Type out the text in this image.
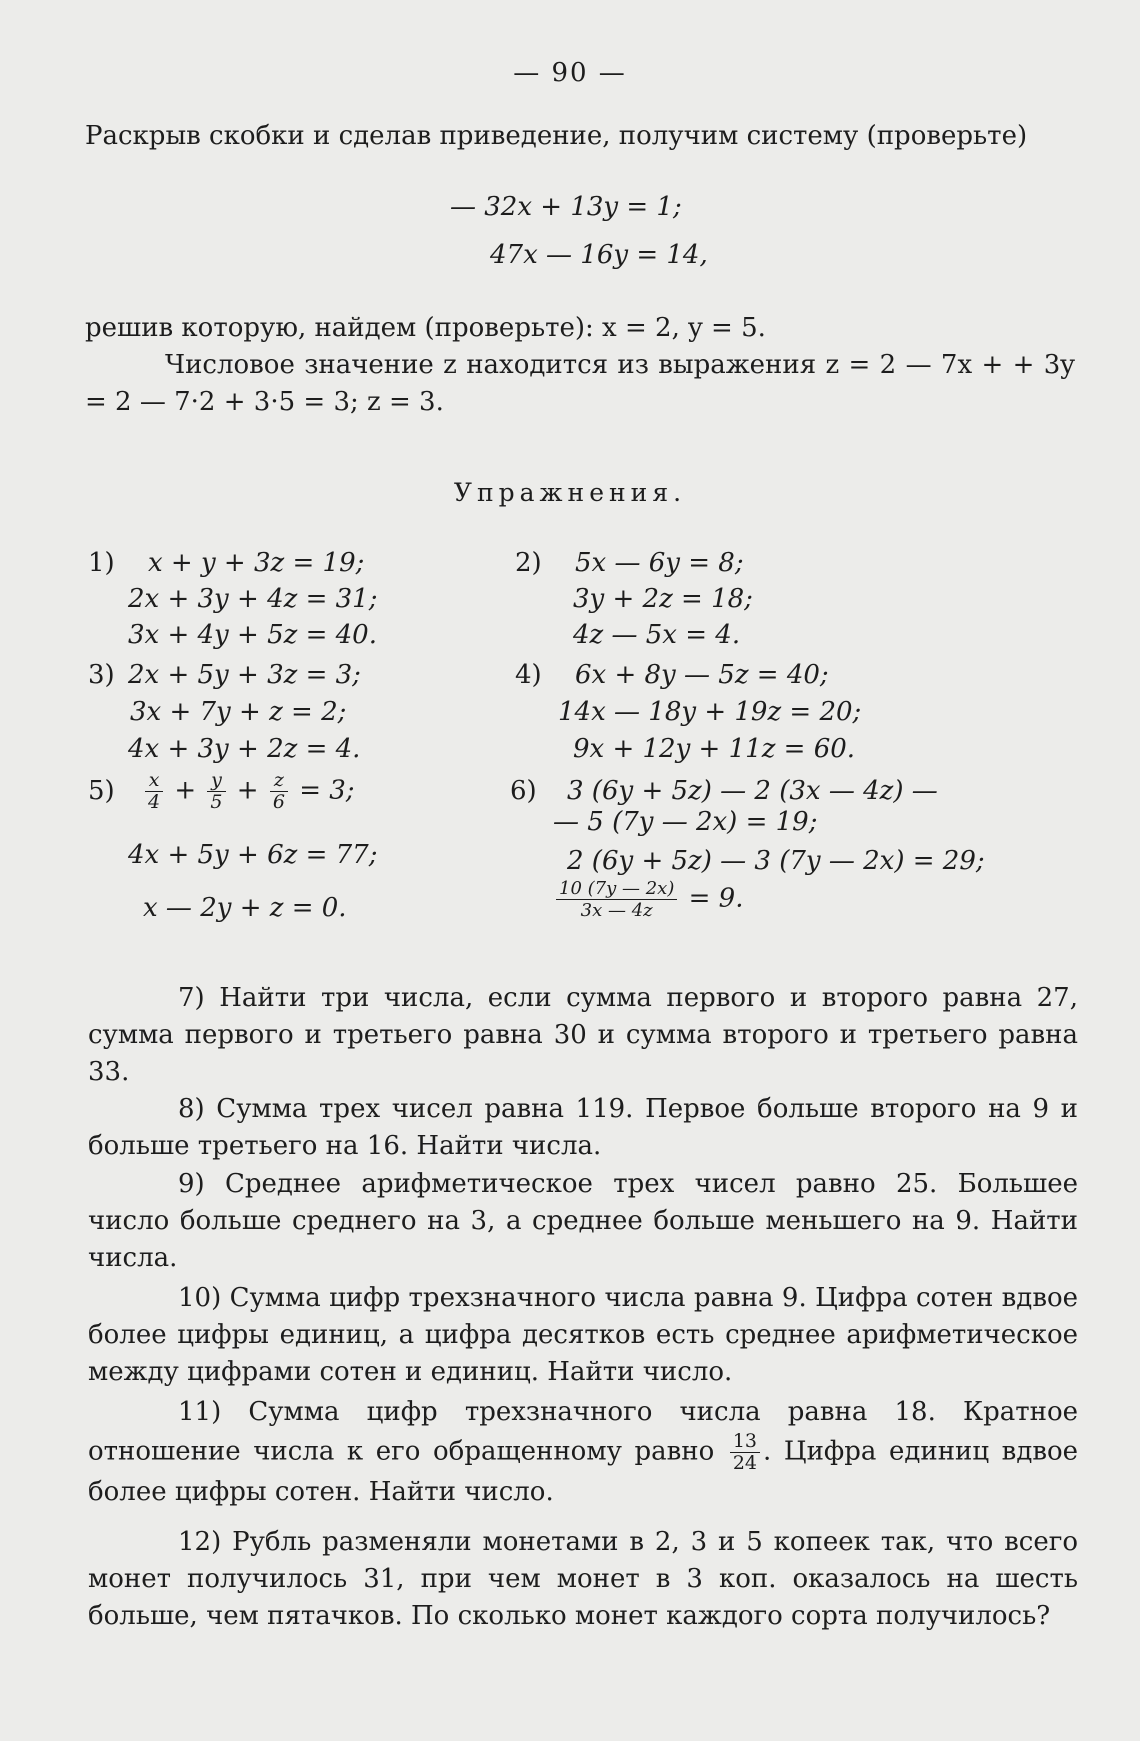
— 90 —
Раскрыв скобки и сделав приведение, получим систему (проверьте)
— 32x + 13y = 1;
47x — 16y = 14,
решив которую, найдем (проверьте): x = 2, y = 5.
Числовое значение z находится из выражения z = 2 — 7x + + 3y = 2 — 7·2 + 3·5 = 3; z = 3.
Упражнения.
1) x + y + 3z = 19;
2x + 3y + 4z = 31;
3x + 4y + 5z = 40.
2) 5x — 6y = 8;
3y + 2z = 18;
4z — 5x = 4.
3) 2x + 5y + 3z = 3;
3x + 7y + z = 2;
4x + 3y + 2z = 4.
4) 6x + 8y — 5z = 40;
14x — 18y + 19z = 20;
9x + 12y + 11z = 60.
$5) \frac{x}{4} + \frac{y}{5} + \frac{z}{6} = 3$;
4x + 5y + 6z = 77;
x — 2y + z = 0.
6) 3 (6y + 5z) — 2 (3x — 4z) —
— 5 (7y — 2x) = 19;
2 (6y + 5z) — 3 (7y — 2x) = 29;
$\frac{10 (7y — 2x)}{3x — 4z} = 9$.
7) Найти три числа, если сумма первого и второго равна 27, сумма первого и третьего равна 30 и сумма второго и третьего равна 33.
8) Сумма трех чисел равна 119. Первое больше второго на 9 и больше третьего на 16. Найти числа.
9) Среднее арифметическое трех чисел равно 25. Большее число больше среднего на 3, а среднее больше меньшего на 9. Найти числа.
10) Сумма цифр трехзначного числа равна 9. Цифра сотен вдвое более цифры единиц, а цифра десятков есть среднее арифметическое между цифрами сотен и единиц. Найти число.
11) Сумма цифр трехзначного числа равна 18. Кратное отношение числа к его обращенному равно $\frac{13}{24}$ . Цифра единиц вдвое более цифры сотен. Найти число.
12) Рубль разменяли монетами в 2, 3 и 5 копеек так, что всего монет получилось 31, при чем монет в 3 коп. оказалось на шесть больше, чем пятачков. По сколько монет каждого сорта получилось?
